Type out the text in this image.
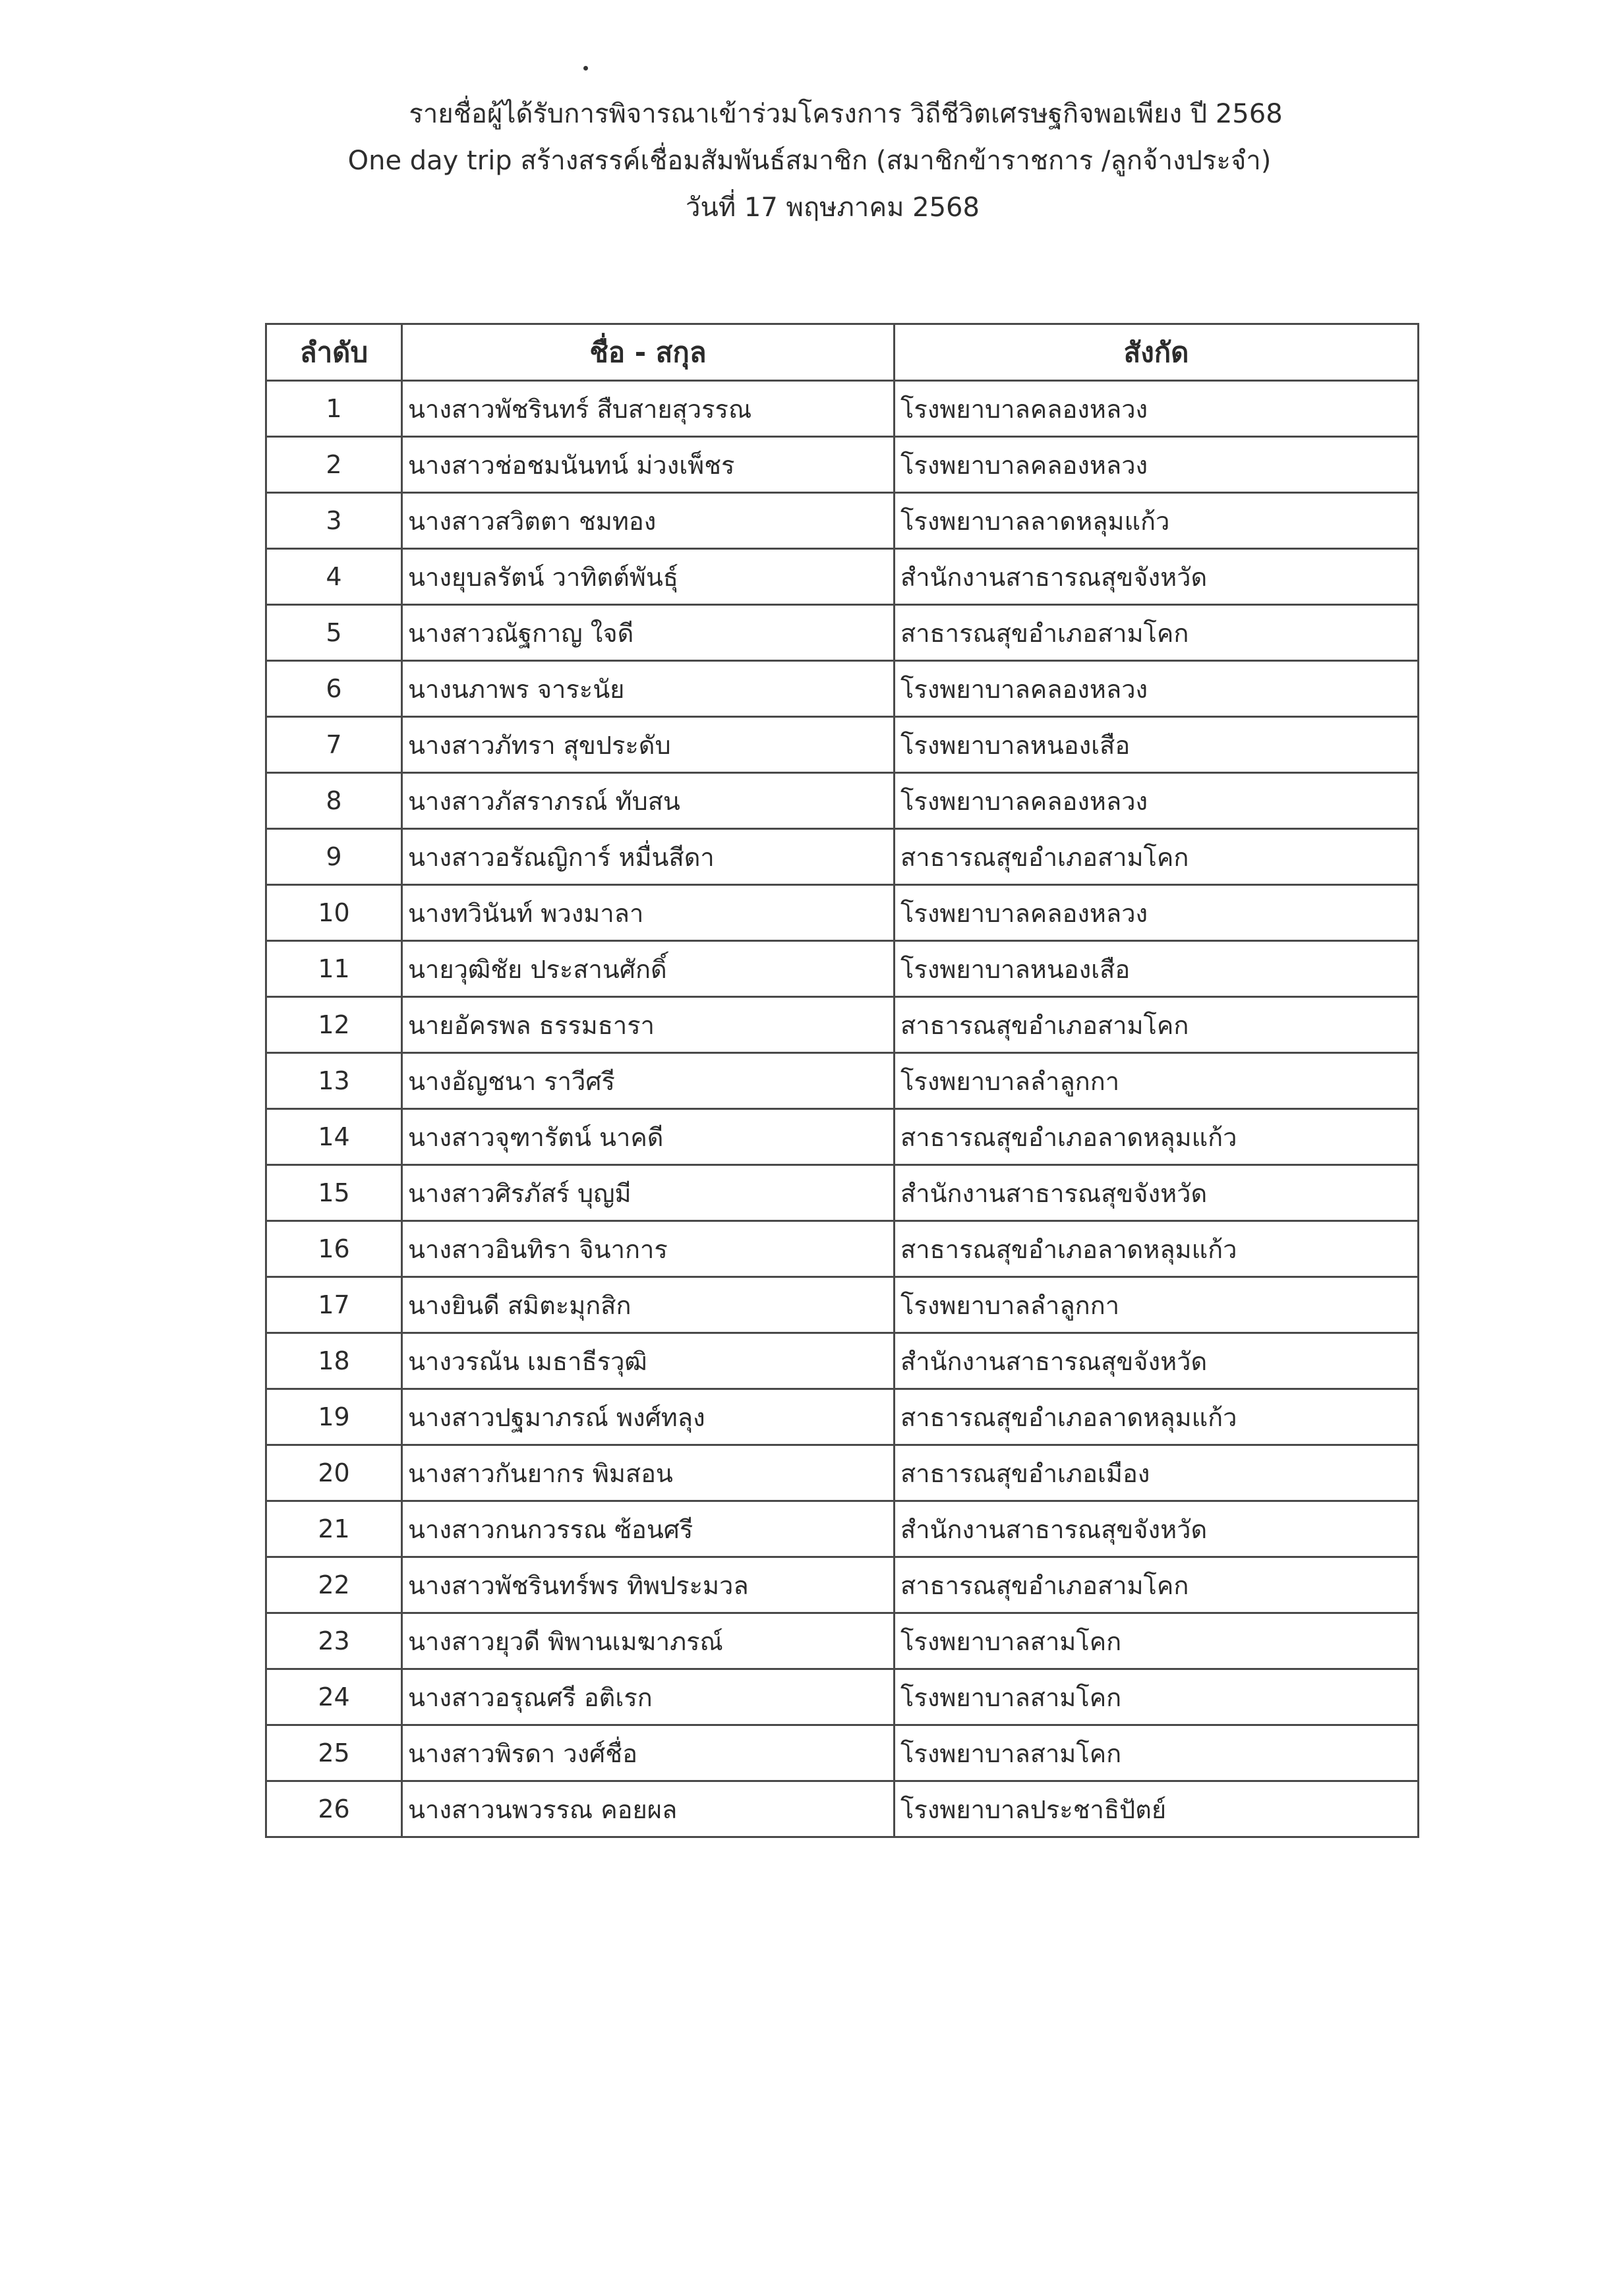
รายชื่อผู้ได้รับการพิจารณาเข้าร่วมโครงการ วิถีชีวิตเศรษฐกิจพอเพียง ปี 2568
One day trip สร้างสรรค์เชื่อมสัมพันธ์สมาชิก (สมาชิกข้าราชการ /ลูกจ้างประจำ)
วันที่ 17 พฤษภาคม 2568
ลำดับ	ชื่อ - สกุล	สังกัด
1	นางสาวพัชรินทร์ สืบสายสุวรรณ	โรงพยาบาลคลองหลวง
2	นางสาวช่อชมนันทน์ ม่วงเพ็ชร	โรงพยาบาลคลองหลวง
3	นางสาวสวิตตา ชมทอง	โรงพยาบาลลาดหลุมแก้ว
4	นางยุบลรัตน์ วาทิตต์พันธุ์	สำนักงานสาธารณสุขจังหวัด
5	นางสาวณัฐกาญ ใจดี	สาธารณสุขอำเภอสามโคก
6	นางนภาพร จาระนัย	โรงพยาบาลคลองหลวง
7	นางสาวภัทรา สุขประดับ	โรงพยาบาลหนองเสือ
8	นางสาวภัสราภรณ์ ทับสน	โรงพยาบาลคลองหลวง
9	นางสาวอรัณญิการ์ หมื่นสีดา	สาธารณสุขอำเภอสามโคก
10	นางทวินันท์ พวงมาลา	โรงพยาบาลคลองหลวง
11	นายวุฒิชัย ประสานศักดิ์	โรงพยาบาลหนองเสือ
12	นายอัครพล ธรรมธารา	สาธารณสุขอำเภอสามโคก
13	นางอัญชนา ราวีศรี	โรงพยาบาลลำลูกกา
14	นางสาวจุฑารัตน์ นาคดี	สาธารณสุขอำเภอลาดหลุมแก้ว
15	นางสาวศิรภัสร์ บุญมี	สำนักงานสาธารณสุขจังหวัด
16	นางสาวอินทิรา จินาการ	สาธารณสุขอำเภอลาดหลุมแก้ว
17	นางยินดี สมิตะมุกสิก	โรงพยาบาลลำลูกกา
18	นางวรณัน เมธาธีรวุฒิ	สำนักงานสาธารณสุขจังหวัด
19	นางสาวปฐมาภรณ์ พงศ์ทลุง	สาธารณสุขอำเภอลาดหลุมแก้ว
20	นางสาวกันยากร พิมสอน	สาธารณสุขอำเภอเมือง
21	นางสาวกนกวรรณ ซ้อนศรี	สำนักงานสาธารณสุขจังหวัด
22	นางสาวพัชรินทร์พร ทิพประมวล	สาธารณสุขอำเภอสามโคก
23	นางสาวยุวดี พิพานเมฆาภรณ์	โรงพยาบาลสามโคก
24	นางสาวอรุณศรี อติเรก	โรงพยาบาลสามโคก
25	นางสาวพิรดา วงศ์ชื่อ	โรงพยาบาลสามโคก
26	นางสาวนพวรรณ คอยผล	โรงพยาบาลประชาธิปัตย์
